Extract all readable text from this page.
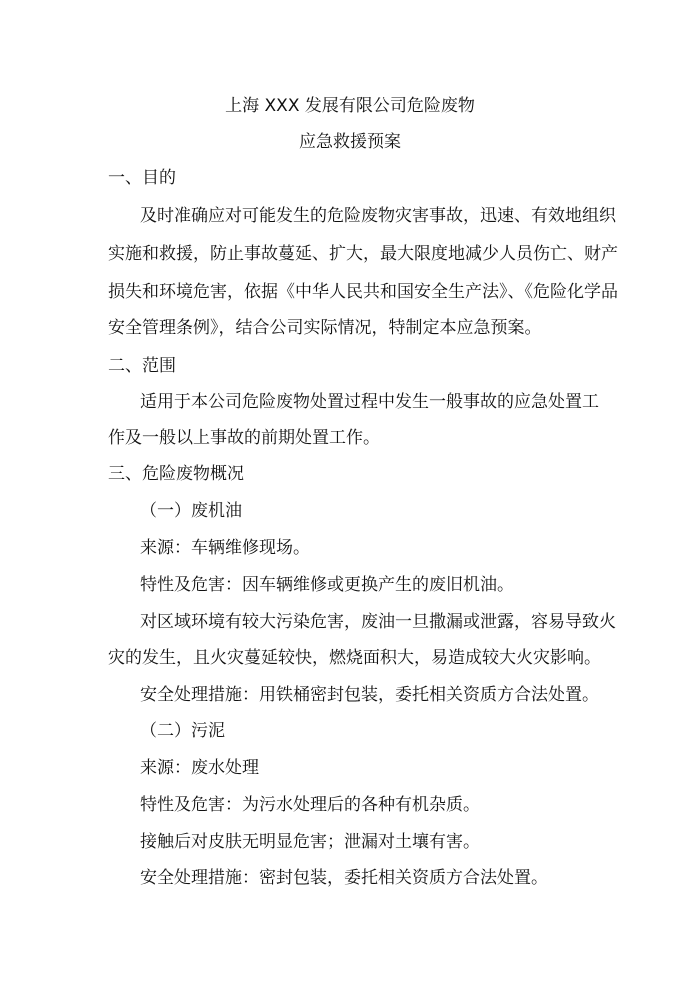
上海 XXX 发展有限公司危险废物
应急救援预案
一、目的
及时准确应对可能发生的危险废物灾害事故，迅速、有效地组织
实施和救援，防止事故蔓延、扩大，最大限度地减少人员伤亡、财产
损失和环境危害，依据《中华人民共和国安全生产法》、《危险化学品
安全管理条例》，结合公司实际情况，特制定本应急预案。
二、范围
适用于本公司危险废物处置过程中发生一般事故的应急处置工
作及一般以上事故的前期处置工作。
三、危险废物概况
（一）废机油
来源：车辆维修现场。
特性及危害：因车辆维修或更换产生的废旧机油。
对区域环境有较大污染危害，废油一旦撒漏或泄露，容易导致火
灾的发生，且火灾蔓延较快，燃烧面积大，易造成较大火灾影响。
安全处理措施：用铁桶密封包装，委托相关资质方合法处置。
（二）污泥
来源：废水处理
特性及危害：为污水处理后的各种有机杂质。
接触后对皮肤无明显危害；泄漏对土壤有害。
安全处理措施：密封包装，委托相关资质方合法处置。
